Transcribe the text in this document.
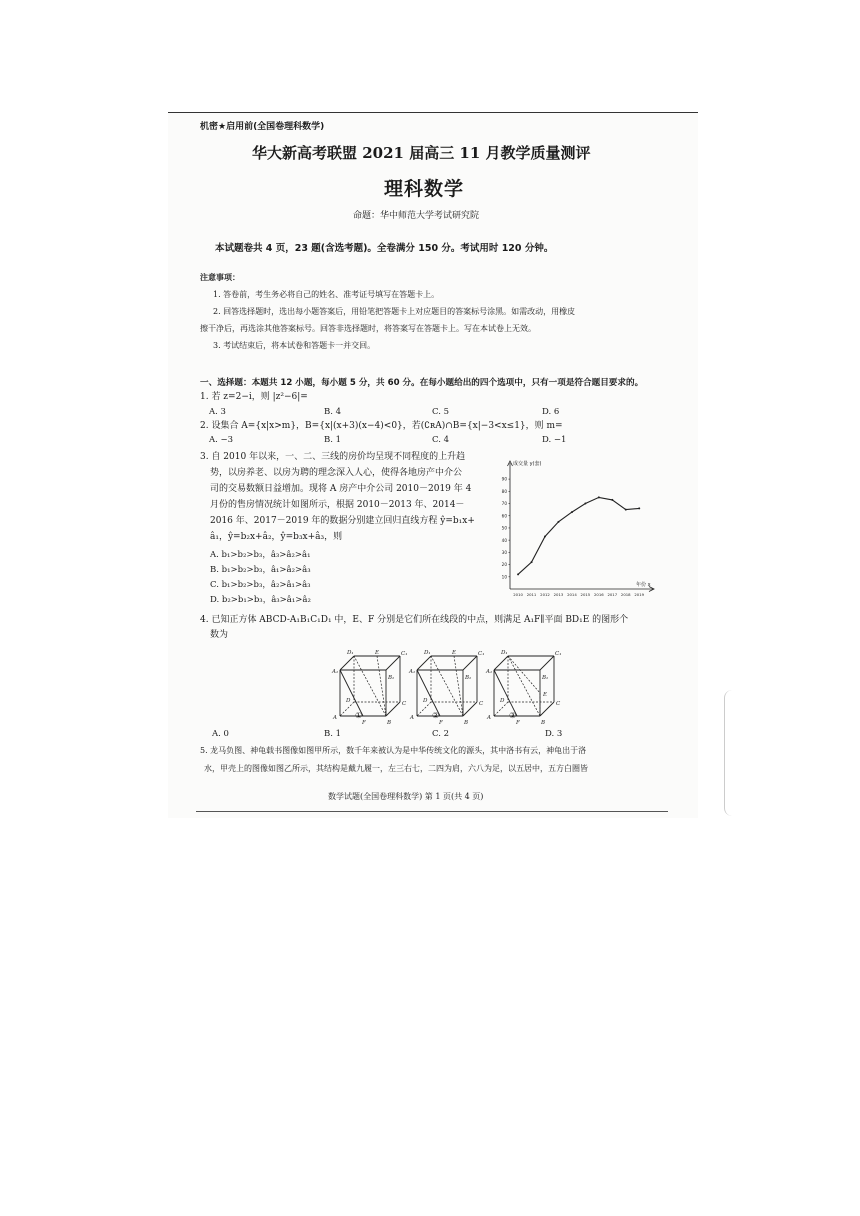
机密★启用前(全国卷理科数学)
华大新高考联盟 2021 届高三 11 月教学质量测评
理科数学
命题：华中师范大学考试研究院
本试题卷共 4 页，23 题(含选考题)。全卷满分 150 分。考试用时 120 分钟。
注意事项：
1. 答卷前，考生务必将自己的姓名、准考证号填写在答题卡上。
2. 回答选择题时，选出每小题答案后，用铅笔把答题卡上对应题目的答案标号涂黑。如需改动，用橡皮
擦干净后，再选涂其他答案标号。回答非选择题时，将答案写在答题卡上。写在本试卷上无效。
3. 考试结束后，将本试卷和答题卡一并交回。
一、选择题：本题共 12 小题，每小题 5 分，共 60 分。在每小题给出的四个选项中，只有一项是符合题目要求的。
1. 若 z=2−i，则 |z²−6|=
A. 3	B. 4	C. 5	D. 6
2. 设集合 A={x|x>m}，B={x|(x+3)(x−4)<0}，若(∁ʀA)∩B={x|−3<x≤1}，则 m=
A. −3	B. 1	C. 4	D. −1
3. 自 2010 年以来，一、二、三线的房价均呈现不同程度的上升趋
势，以房养老、以房为聘的理念深入人心，使得各地房产中介公
司的交易数额日益增加。现将 A 房产中介公司 2010－2019 年 4
月份的售房情况统计如图所示，根据 2010－2013 年、2014－
2016 年、2017－2019 年的数据分别建立回归直线方程 ŷ=b₁x+
â₁，ŷ=b₂x+â₂，ŷ=b₃x+â₃，则
A. b₁>b₂>b₃，â₃>â₂>â₁
B. b₁>b₂>b₃，â₁>â₂>â₃
C. b₁>b₂>b₃，â₂>â₁>â₃
D. b₂>b₁>b₃，â₃>â₁>â₂
成交量 y(套)
年份 x
10
20
30
40
50
60
70
80
90
2010 2011 2012 2013 2014 2015 2016 2017 2018 2019
4. 已知正方体 ABCD-A₁B₁C₁D₁ 中，E、F 分别是它们所在线段的中点，则满足 A₁F∥平面 BD₁E 的图形个
数为
D₁	E	C₁
A₁
B₁
D	C
A
F	B
D₁	E	C₁
A₁
B₁
D	C
A
F	B
D₁	C₁
A₁
B₁
E
D	C
A
F	B
①	②	③
A. 0	B. 1	C. 2	D. 3
5. 龙马负图、神龟载书图像如图甲所示，数千年来被认为是中华传统文化的源头，其中洛书有云，神龟出于洛
水，甲壳上的图像如图乙所示，其结构是戴九履一，左三右七，二四为肩，六八为足，以五居中，五方白圈皆
数学试题(全国卷理科数学) 第 1 页(共 4 页)
